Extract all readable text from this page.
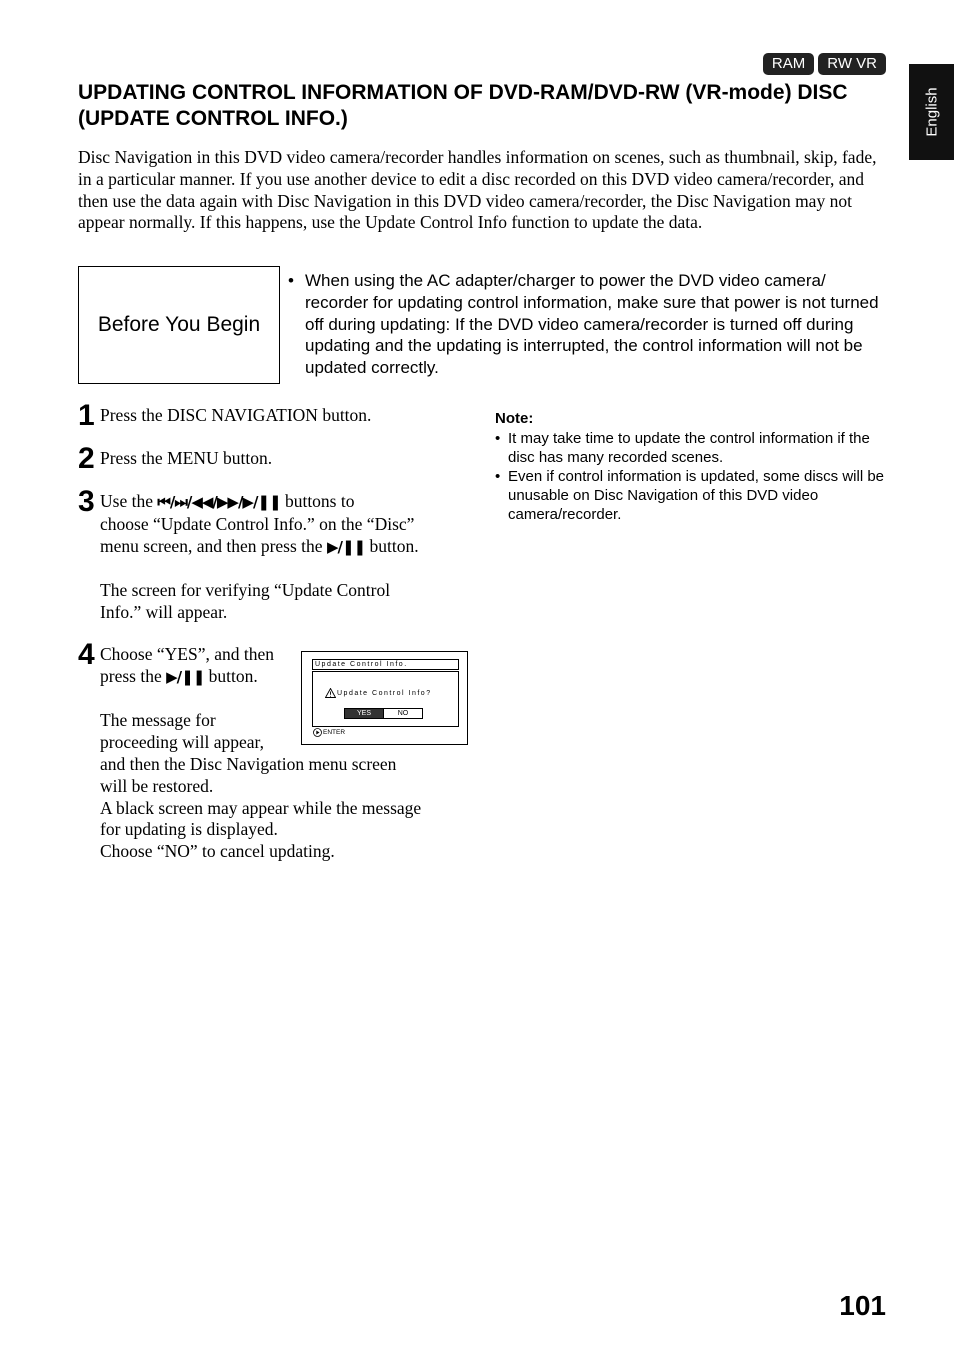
RAM	RW VR
English
UPDATING CONTROL INFORMATION OF DVD-RAM/DVD-RW (VR-mode) DISC (UPDATE CONTROL INFO.)

Disc Navigation in this DVD video camera/recorder handles information on scenes, such as thumbnail, skip, fade, in a particular manner. If you use another device to edit a disc recorded on this DVD video camera/recorder, and then use the data again with Disc Navigation in this DVD video camera/recorder, the Disc Navigation may not appear normally. If this happens, use the Update Control Info function to update the data.

Before You Begin
• When using the AC adapter/charger to power the DVD video camera/ recorder for updating control information, make sure that power is not turned off during updating: If the DVD video camera/recorder is turned off during updating and the updating is interrupted, the control information will not be updated correctly.
1 Press the DISC NAVIGATION button.
2 Press the MENU button.
3 Use the ⏮/⏭/◀◀/▶▶/▶/❚❚ buttons to
choose “Update Control Info.” on the “Disc”
menu screen, and then press the ▶/❚❚ button.
The screen for verifying “Update Control
Info.” will appear.
4 Choose “YES”, and then
press the ▶/❚❚ button.
The message for
proceeding will appear,
and then the Disc Navigation menu screen
will be restored.
A black screen may appear while the message
for updating is displayed.
Choose “NO” to cancel updating.
Update Control Info.
Update Control Info?
YES	NO
ENTER
Note:
• It may take time to update the control information if the disc has many recorded scenes.
• Even if control information is updated, some discs will be unusable on Disc Navigation of this DVD video camera/recorder.
101
